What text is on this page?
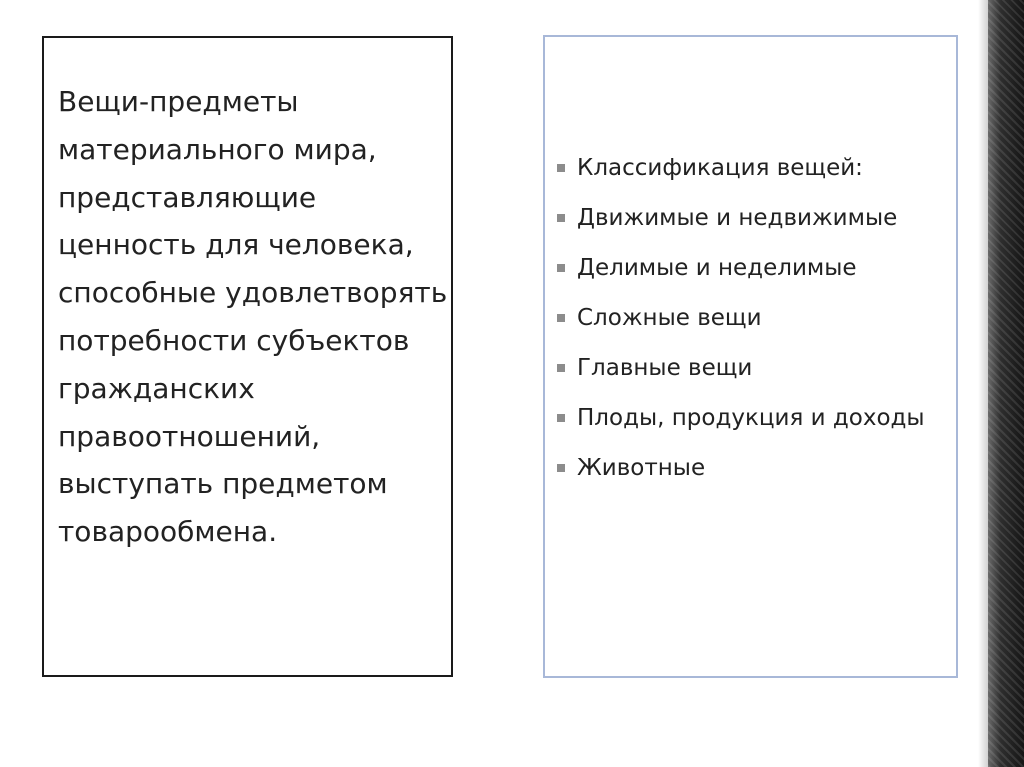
Вещи-предметы материального мира, представляющие ценность для человека, способные удовлетворять потребности субъектов гражданских правоотношений, выступать предметом товарообмена.

Классификация вещей:
Движимые и недвижимые
Делимые и неделимые
Сложные вещи
Главные вещи
Плоды, продукция и доходы
Животные
